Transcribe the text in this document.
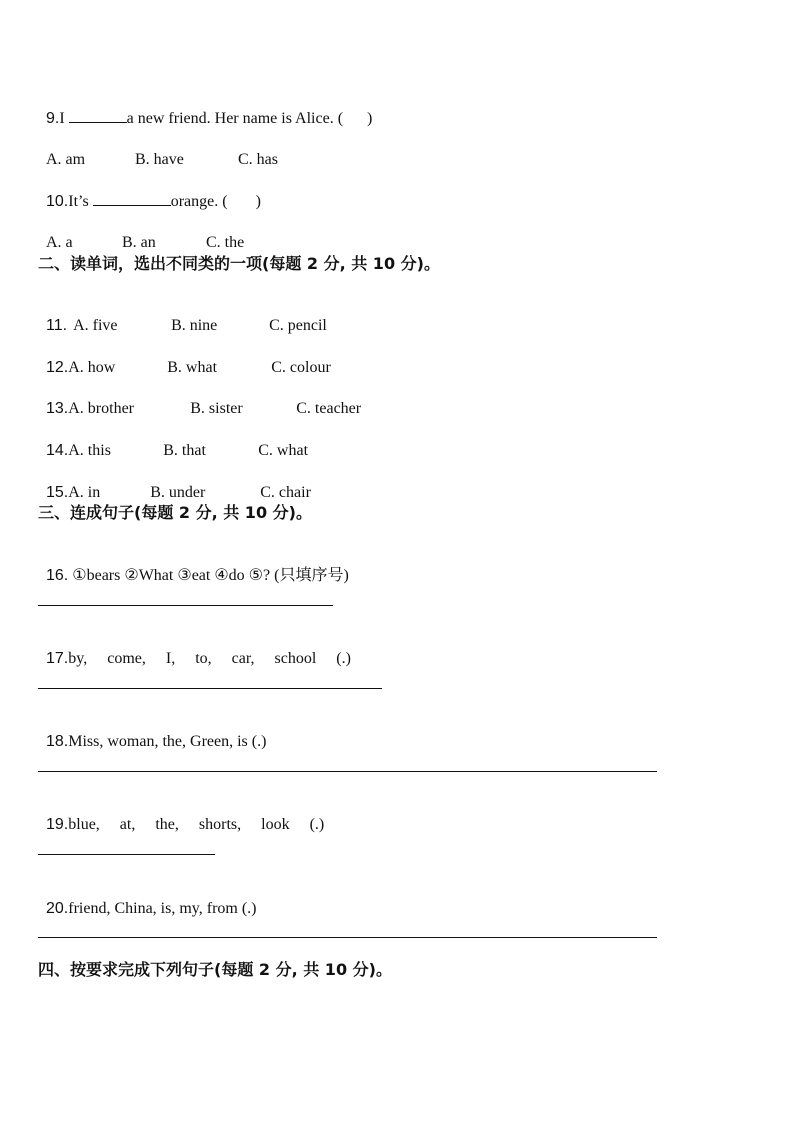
9.I	a new friend. Her name is Alice. (      )

A. am	B. have	C. has

10.It’s	orange. (       )

A. a	B. an	C. the

二、读单词，选出不同类的一项(每题 2 分, 共 10 分)。

11. A. five	B. nine	C. pencil

12.A. how	B. what	C. colour

13.A. brother	B. sister	C. teacher

14.A. this	B. that	C. what

15.A. in	B. under	C. chair

三、连成句子(每题 2 分, 共 10 分)。

16. ①bears ②What ③eat ④do ⑤? (只填序号)

17.by,     come,     I,     to,     car,     school     (.)

18.Miss, woman, the, Green, is (.)

19.blue,     at,     the,     shorts,     look     (.)

20.friend, China, is, my, from (.)

四、按要求完成下列句子(每题 2 分, 共 10 分)。
